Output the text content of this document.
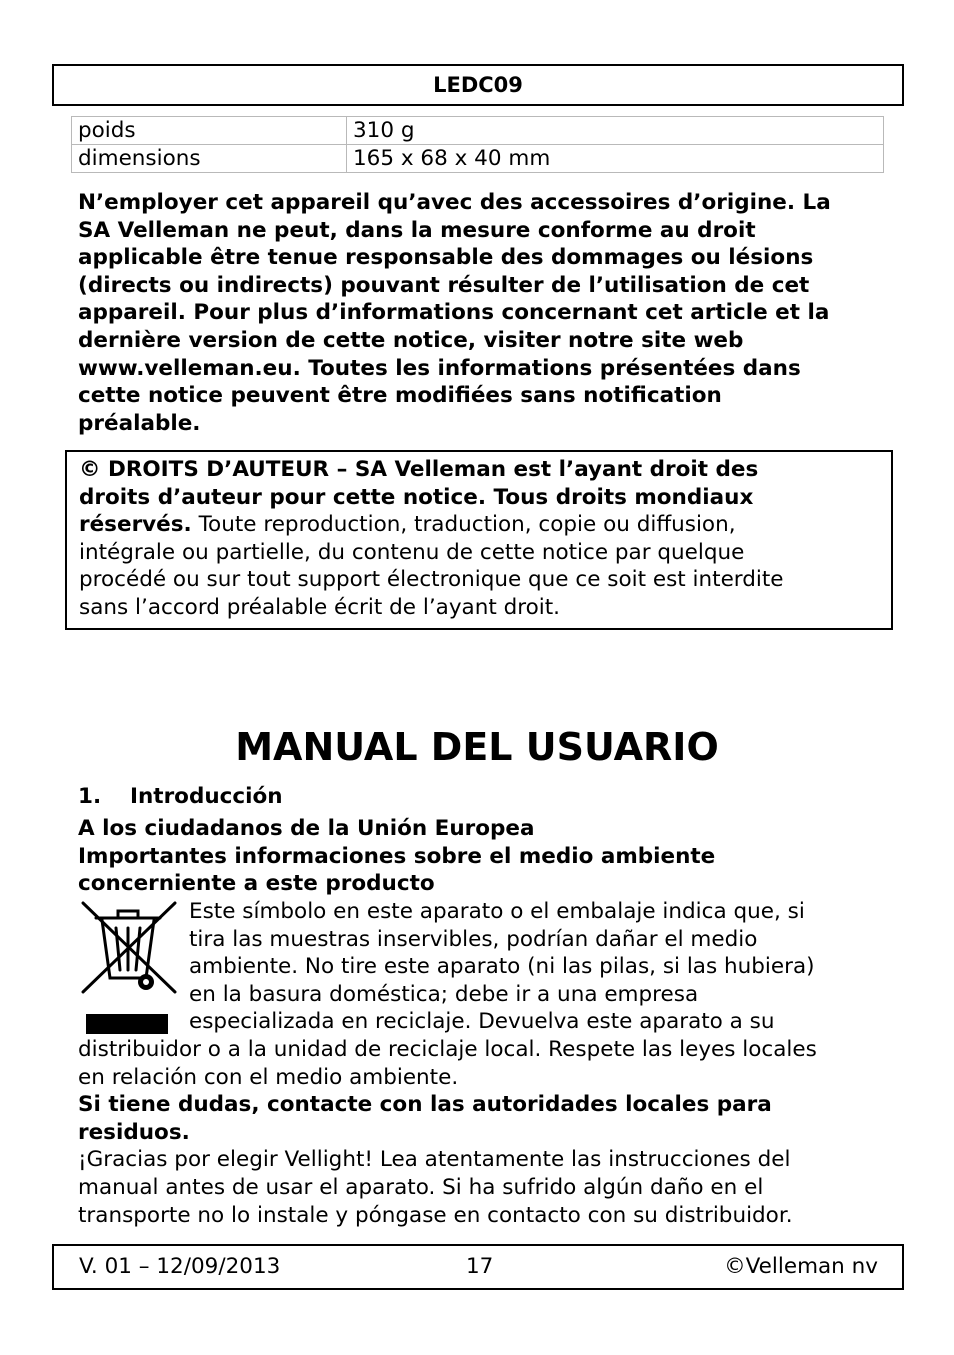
LEDC09
poids	310 g
dimensions	165 x 68 x 40 mm
N’employer cet appareil qu’avec des accessoires d’origine. La
SA Velleman ne peut, dans la mesure conforme au droit
applicable être tenue responsable des dommages ou lésions
(directs ou indirects) pouvant résulter de l’utilisation de cet
appareil. Pour plus d’informations concernant cet article et la
dernière version de cette notice, visiter notre site web
www.velleman.eu. Toutes les informations présentées dans
cette notice peuvent être modifiées sans notification
préalable.
© DROITS D’AUTEUR – SA Velleman est l’ayant droit des
droits d’auteur pour cette notice. Tous droits mondiaux
réservés. Toute reproduction, traduction, copie ou diffusion,
intégrale ou partielle, du contenu de cette notice par quelque
procédé ou sur tout support électronique que ce soit est interdite
sans l’accord préalable écrit de l’ayant droit.
MANUAL DEL USUARIO
1. Introducción
A los ciudadanos de la Unión Europea
Importantes informaciones sobre el medio ambiente
concerniente a este producto
Este símbolo en este aparato o el embalaje indica que, si
tira las muestras inservibles, podrían dañar el medio
ambiente. No tire este aparato (ni las pilas, si las hubiera)
en la basura doméstica; debe ir a una empresa
especializada en reciclaje. Devuelva este aparato a su
distribuidor o a la unidad de reciclaje local. Respete las leyes locales
en relación con el medio ambiente.
Si tiene dudas, contacte con las autoridades locales para
residuos.
¡Gracias por elegir Vellight! Lea atentamente las instrucciones del
manual antes de usar el aparato. Si ha sufrido algún daño en el
transporte no lo instale y póngase en contacto con su distribuidor.
V. 01 – 12/09/2013	17	©Velleman nv
